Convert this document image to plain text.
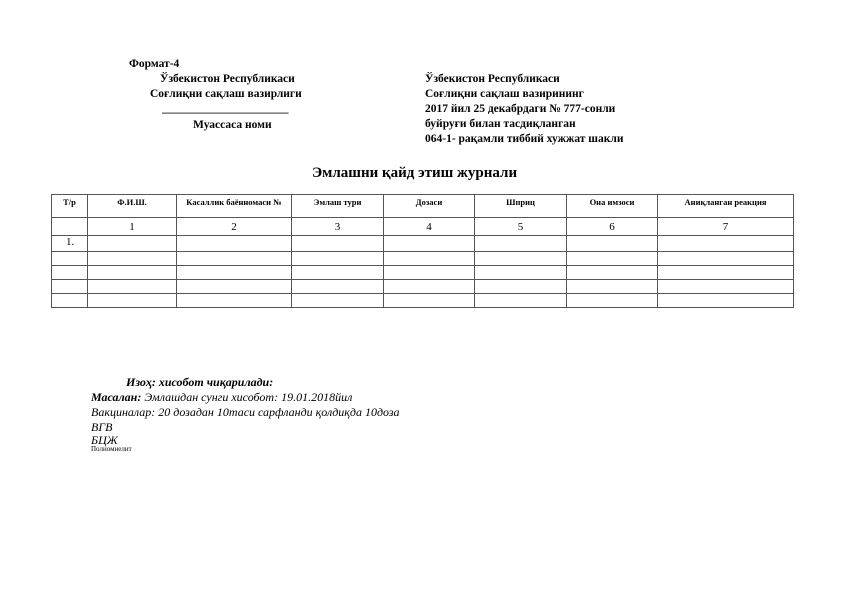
Формат-4
Ўзбекистон Республикаси
Соғлиқни сақлаш вазирлиги
______________________
Муассаса номи
Ўзбекистон Республикаси
Соғлиқни сақлаш вазирининг
2017 йил 25 декабрдаги № 777-сонли
буйруғи билан тасдиқланган
064-1- рақамли тиббий хужжат шакли
Эмлашни қайд этиш журнали
Т/р	Ф.И.Ш.	Касаллик баённомаси №	Эмлаш тури	Дозаси	Шприц	Она имзоси	Аниқланган реакция
	1	2	3	4	5	6	7
1.							

Изоҳ: хисобот чиқарилади:
Масалан: Эмлашдан сунги хисобот: 19.01.2018йил
Вакциналар: 20 дозадан 10таси сарфланди қолдиқда 10доза
ВГВ
БЦЖ
Полиомиелит
